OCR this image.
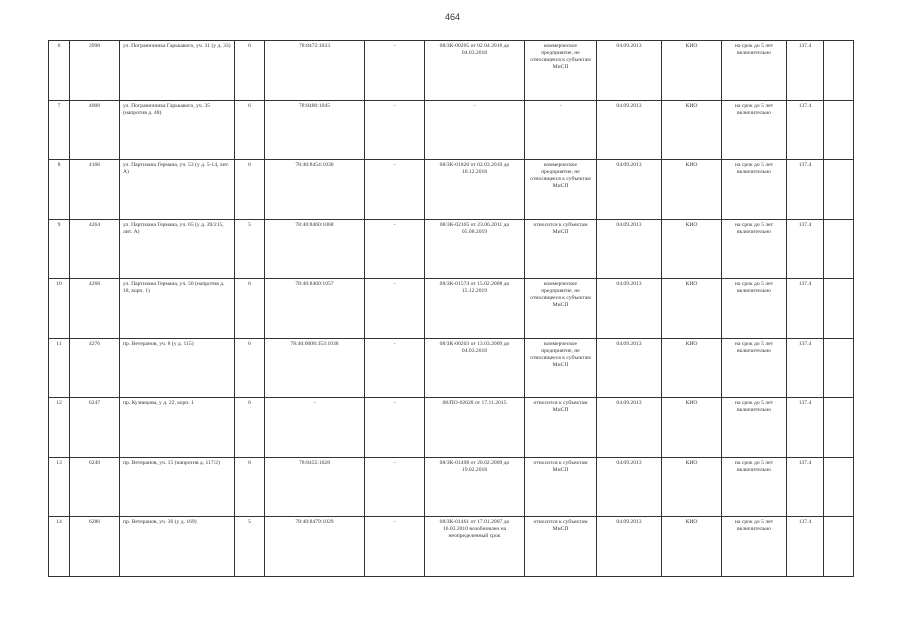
464
6	3998	ул. Пограничника Гарькавого, уч. 31 (у д. 33)	6	78:8472:1033	-	08/ЗК-00205 от 02.04.2016 до 04.03.2018	коммерческое предприятие, не относящееся к субъектам МиСП	04.09.2013	КИО	на срок до 5 лет включительно	137.4	
7	4008	ул. Пограничника Гарькавого, уч. 35 (напротив д. 48)	6	78:8480:1045	-	-	-	04.09.2013	КИО	на срок до 5 лет включительно	137.4	
8	4166	ул. Партизана Германа, уч. 53 (у д. 5-14, лит. А)	6	78:40:8454:1030	-	08/ЗК-01820 от 02.03.2010 до 10.12.2018	коммерческое предприятие, не относящееся к субъектам МиСП	04.09.2013	КИО	на срок до 5 лет включительно	137.4	
9	4264	ул. Партизана Германа, уч. 65 (у д. 39/215, лит. А)	5	78:40:8460:1068	-	08/ЗК-02105 от 23.06.2011 до 05.08.2019	относится к субъектам МиСП	04.09.2013	КИО	на срок до 5 лет включительно	137.4	
10	4268	ул. Партизана Германа, уч. 50 (напротив д. 18, корп. 1)	6	78:40:8460:1057	-	08/ЗК-01574 от 15.02.2008 до 15.12.2019	коммерческое предприятие, не относящееся к субъектам МиСП	04.09.2013	КИО	на срок до 5 лет включительно	137.4	
11	4276	пр. Ветеранов, уч. 8 (у д. 115)	6	78:40:0008:353:1038	-	08/ЗК-00203 от 13.03.2009 до 04.03.2018	коммерческое предприятие, не относящееся к субъектам МиСП	04.09.2013	КИО	на срок до 5 лет включительно	137.4	
12	6247	пр. Кузнецова, у д. 22, корп. 1	6	-	-	08/ПО-02628 от 17.11.2015	относится к субъектам МиСП	04.09.2013	КИО	на срок до 5 лет включительно	137.4	
13	6249	пр. Ветеранов, уч. 15 (напротив д. 117/2)	6	78:8455:1028	-	08/ЗК-01498 от 20.02.2009 до 19.02.2018	относится к субъектам МиСП	04.09.2013	КИО	на срок до 5 лет включительно	137.4	
14	6286	пр. Ветеранов, уч. 36 (у д. 169)	5	78:40:8479:1029	-	08/ЗК-01461 от 17.01.2007 до 16.03.2010 возобновлен на неопределенный срок	относится к субъектам МиСП	04.09.2013	КИО	на срок до 5 лет включительно	137.4	
